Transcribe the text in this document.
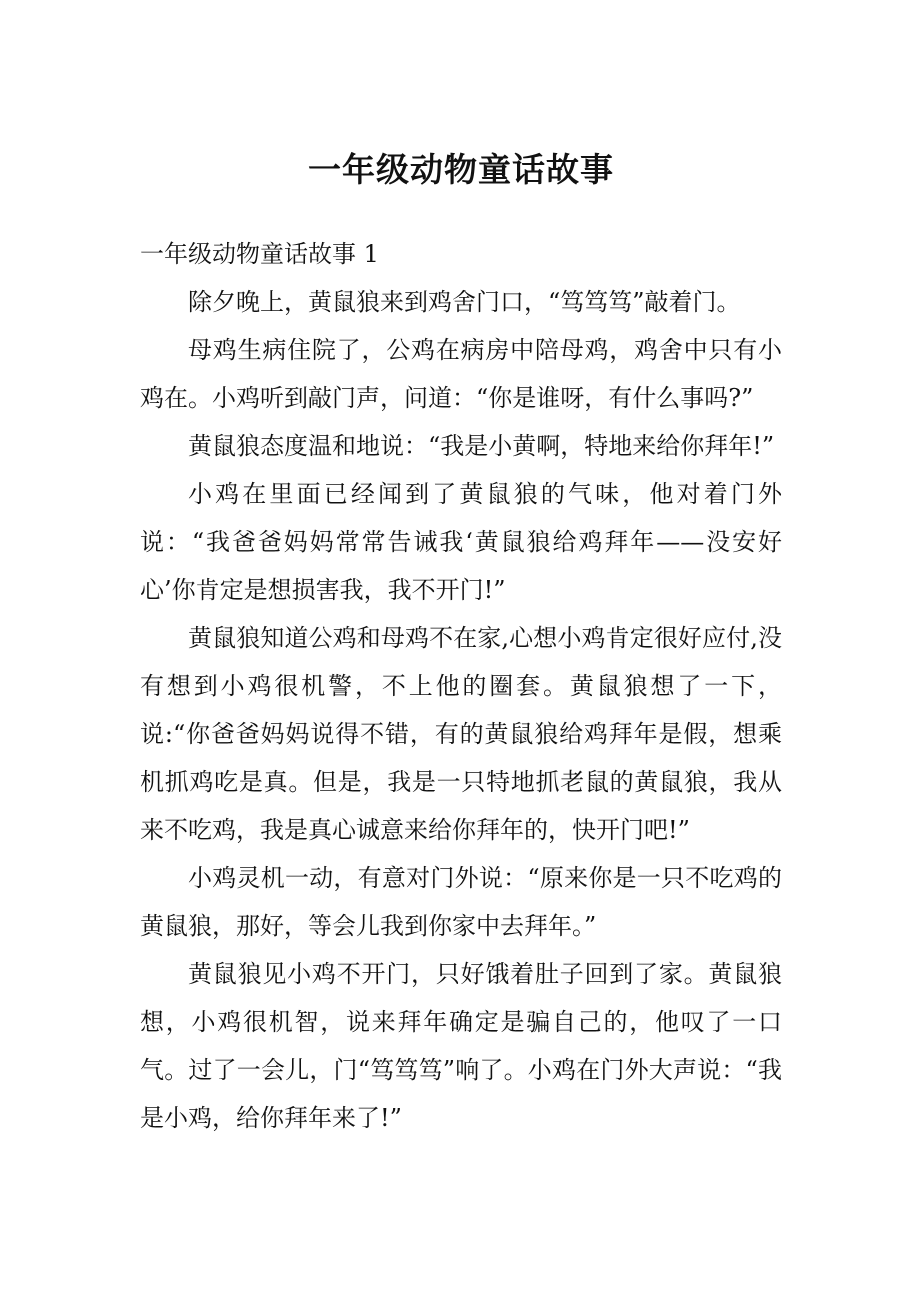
一年级动物童话故事
一年级动物童话故事 1

除夕晚上，黄鼠狼来到鸡舍门口，“笃笃笃”敲着门。

母鸡生病住院了，公鸡在病房中陪母鸡，鸡舍中只有小鸡在。小鸡听到敲门声，问道：“你是谁呀，有什么事吗?”

黄鼠狼态度温和地说：“我是小黄啊，特地来给你拜年!”

小鸡在里面已经闻到了黄鼠狼的气味，他对着门外说：“我爸爸妈妈常常告诫我‘黄鼠狼给鸡拜年——没安好心’你肯定是想损害我，我不开门!”

黄鼠狼知道公鸡和母鸡不在家,心想小鸡肯定很好应付,没有想到小鸡很机警，不上他的圈套。黄鼠狼想了一下，说:“你爸爸妈妈说得不错，有的黄鼠狼给鸡拜年是假，想乘机抓鸡吃是真。但是，我是一只特地抓老鼠的黄鼠狼，我从来不吃鸡，我是真心诚意来给你拜年的，快开门吧!”

小鸡灵机一动，有意对门外说：“原来你是一只不吃鸡的黄鼠狼，那好，等会儿我到你家中去拜年。”

黄鼠狼见小鸡不开门，只好饿着肚子回到了家。黄鼠狼想，小鸡很机智，说来拜年确定是骗自己的，他叹了一口气。过了一会儿，门“笃笃笃”响了。小鸡在门外大声说：“我是小鸡，给你拜年来了!”
